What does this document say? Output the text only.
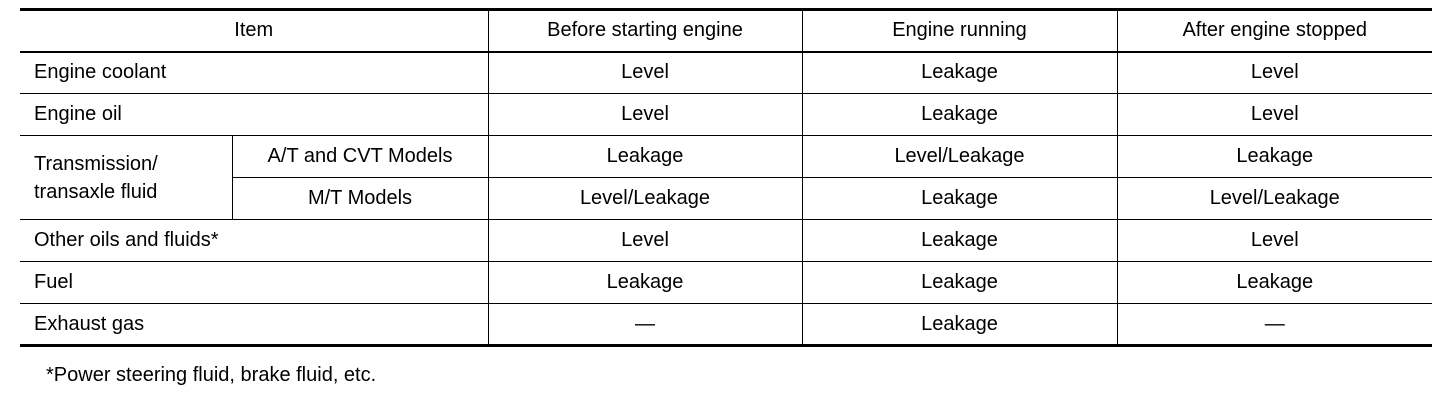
Item		Before starting engine	Engine running	After engine stopped
Engine coolant		Level	Leakage	Level
Engine oil		Level	Leakage	Level
Transmission/
transaxle fluid	A/T and CVT Models	Leakage	Level/Leakage	Leakage
	M/T Models	Level/Leakage	Leakage	Level/Leakage
Other oils and fluids*		Level	Leakage	Level
Fuel		Leakage	Leakage	Leakage
Exhaust gas		—	Leakage	—
*Power steering fluid, brake fluid, etc.
